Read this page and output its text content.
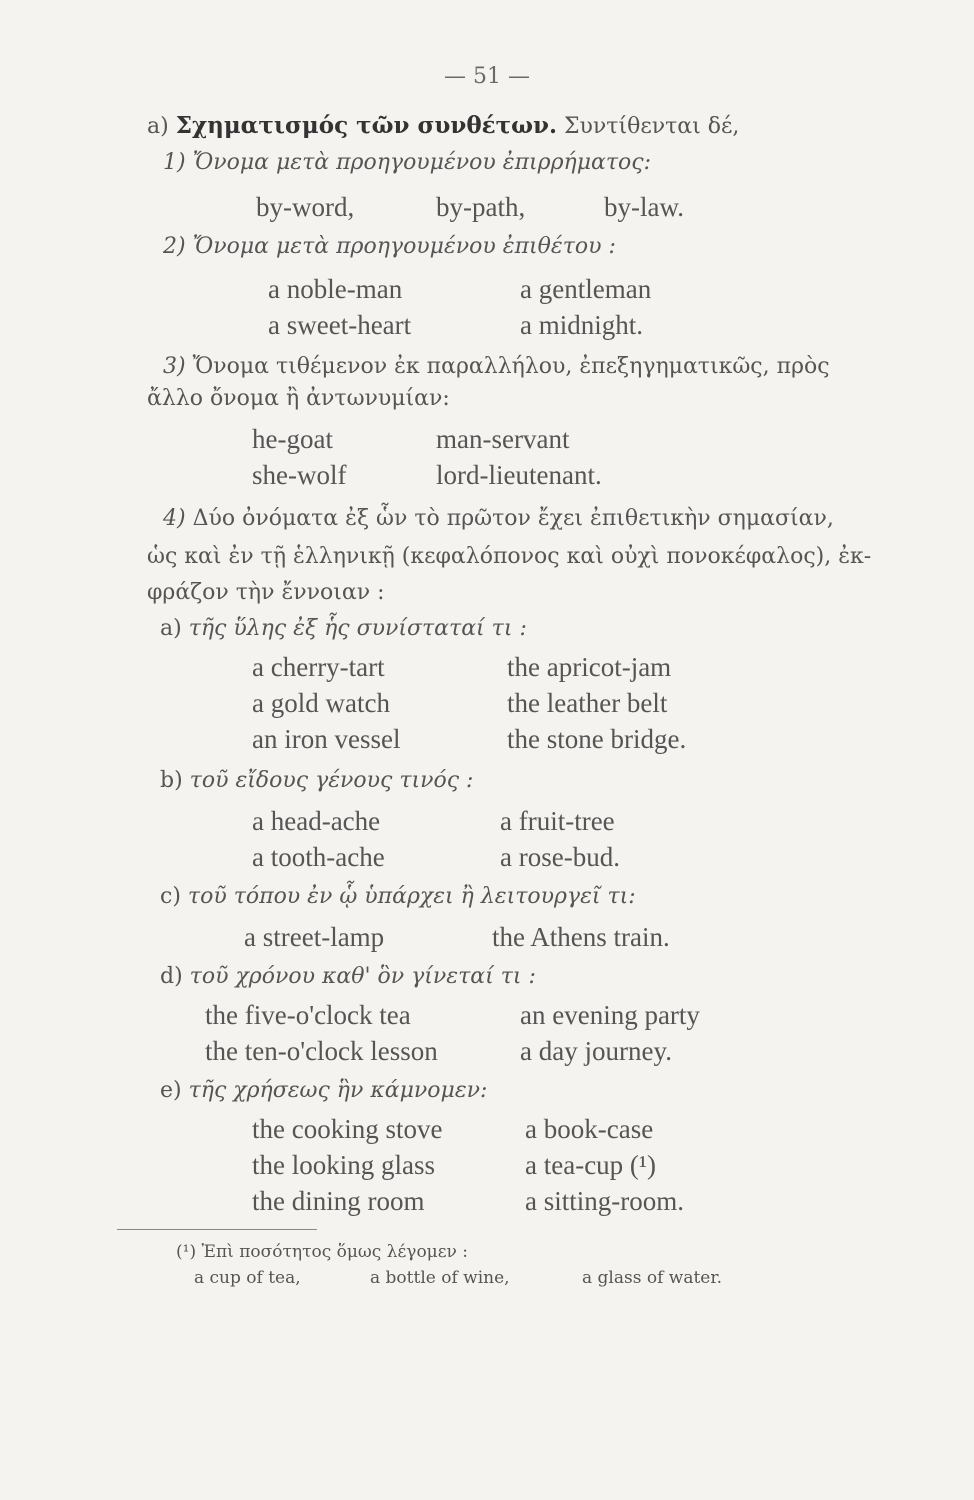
— 51 —
a) Σχηματισμός τῶν συνθέτων. Συντίθενται δέ,
1) Ὄνομα μετὰ προηγουμένου ἐπιρρήματος:
by-word,	by-path,	by-law.
2) Ὄνομα μετὰ προηγουμένου ἐπιθέτου :
a noble-man	a gentleman
a sweet-heart	a midnight.
3) Ὄνομα τιθέμενον ἐκ παραλλήλου, ἐπεξηγηματικῶς, πρὸς
ἄλλο ὄνομα ἢ ἀντωνυμίαν:
he-goat	man-servant
she-wolf	lord-lieutenant.
4) Δύο ὀνόματα ἐξ ὧν τὸ πρῶτον ἔχει ἐπιθετικὴν σημασίαν,
ὡς καὶ ἐν τῇ ἑλληνικῇ (κεφαλόπονος καὶ οὐχὶ πονοκέφαλος), ἐκ-
φράζον τὴν ἔννοιαν :
a) τῆς ὕλης ἐξ ἧς συνίσταταί τι :
a cherry-tart	the apricot-jam
a gold watch	the leather belt
an iron vessel	the stone bridge.
b) τοῦ εἴδους γένους τινός :
a head-ache	a fruit-tree
a tooth-ache	a rose-bud.
c) τοῦ τόπου ἐν ᾧ ὑπάρχει ἢ λειτουργεῖ τι:
a street-lamp	the Athens train.
d) τοῦ χρόνου καθ' ὃν γίνεταί τι :
the five-o'clock tea	an evening party
the ten-o'clock lesson	a day journey.
e) τῆς χρήσεως ἣν κάμνομεν:
the cooking stove	a book-case
the looking glass	a tea-cup (¹)
the dining room	a sitting-room.
(¹) Ἐπὶ ποσότητος ὅμως λέγομεν :
a cup of tea,	a bottle of wine,	a glass of water.
